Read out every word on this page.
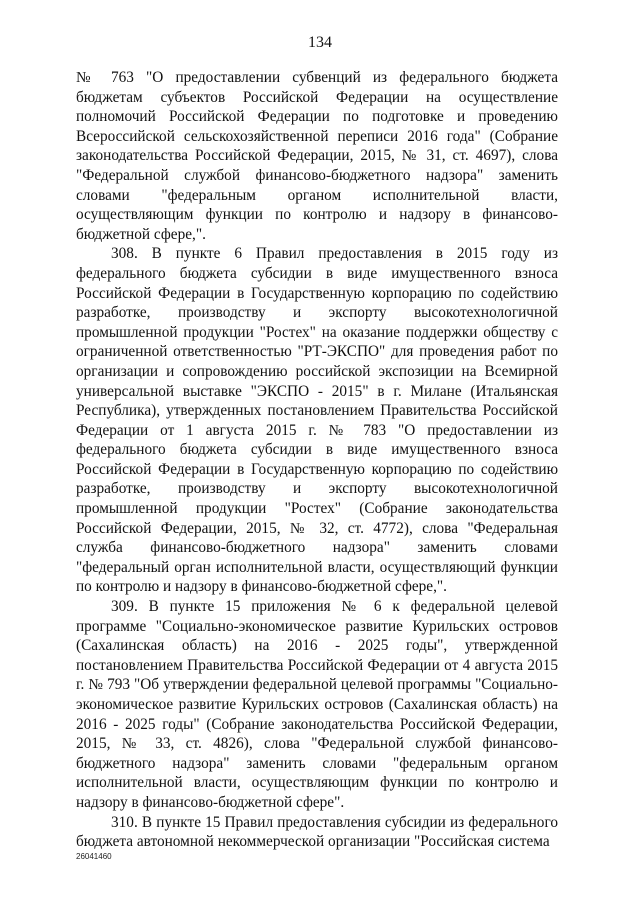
134

№ 763 "О предоставлении субвенций из федерального бюджета бюджетам субъектов Российской Федерации на осуществление полномочий Российской Федерации по подготовке и проведению Всероссийской сельскохозяйственной переписи 2016 года" (Собрание законодательства Российской Федерации, 2015, № 31, ст. 4697), слова "Федеральной службой финансово-бюджетного надзора" заменить словами "федеральным органом исполнительной власти, осуществляющим функции по контролю и надзору в финансово-бюджетной сфере,".

308. В пункте 6 Правил предоставления в 2015 году из федерального бюджета субсидии в виде имущественного взноса Российской Федерации в Государственную корпорацию по содействию разработке, производству и экспорту высокотехнологичной промышленной продукции "Ростех" на оказание поддержки обществу с ограниченной ответственностью "РТ-ЭКСПО" для проведения работ по организации и сопровождению российской экспозиции на Всемирной универсальной выставке "ЭКСПО - 2015" в г. Милане (Итальянская Республика), утвержденных постановлением Правительства Российской Федерации от 1 августа 2015 г. № 783 "О предоставлении из федерального бюджета субсидии в виде имущественного взноса Российской Федерации в Государственную корпорацию по содействию разработке, производству и экспорту высокотехнологичной промышленной продукции "Ростех" (Собрание законодательства Российской Федерации, 2015, № 32, ст. 4772), слова "Федеральная служба финансово-бюджетного надзора" заменить словами "федеральный орган исполнительной власти, осуществляющий функции по контролю и надзору в финансово-бюджетной сфере,".

309. В пункте 15 приложения № 6 к федеральной целевой программе "Социально-экономическое развитие Курильских островов (Сахалинская область) на 2016 - 2025 годы", утвержденной постановлением Правительства Российской Федерации от 4 августа 2015 г. № 793 "Об утверждении федеральной целевой программы "Социально-экономическое развитие Курильских островов (Сахалинская область) на 2016 - 2025 годы" (Собрание законодательства Российской Федерации, 2015, № 33, ст. 4826), слова "Федеральной службой финансово-бюджетного надзора" заменить словами "федеральным органом исполнительной власти, осуществляющим функции по контролю и надзору в финансово-бюджетной сфере".

310. В пункте 15 Правил предоставления субсидии из федерального бюджета автономной некоммерческой организации "Российская система

26041460
